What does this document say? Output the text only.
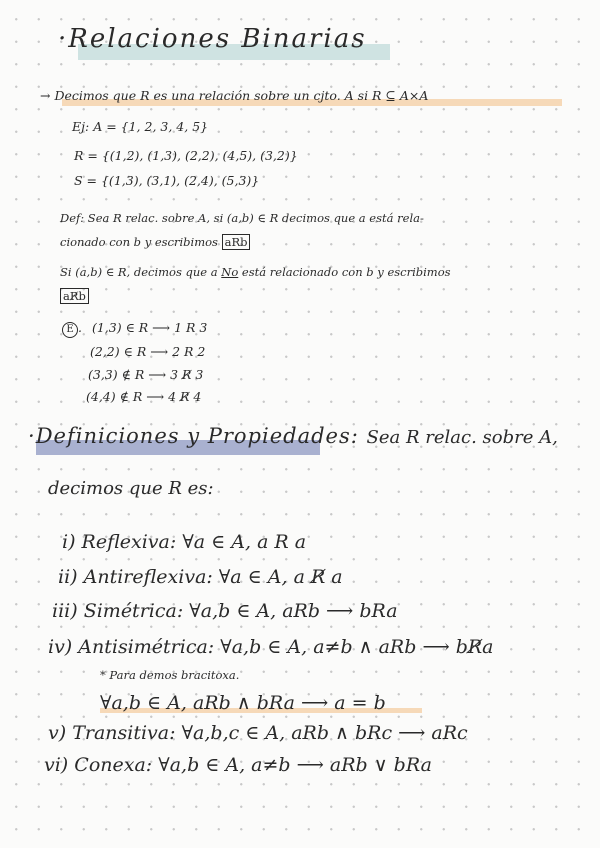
·Relaciones Binarias
→ Decimos que R es una relación sobre un cjto. A si R ⊆ A×A
Ej: A = {1, 2, 3, 4, 5}
R = {(1,2), (1,3), (2,2), (4,5), (3,2)}
S = {(1,3), (3,1), (2,4), (5,3)}
Def: Sea R relac. sobre A, si (a,b) ∈ R decimos que a está rela-
cionado con b y escribimos aRb
Si (a,b) ∈ R, decimos que a No está relacionado con b y escribimos
aR̸b
E . (1,3) ∈ R ⟶ 1 R 3
(2,2) ∈ R ⟶ 2 R 2
(3,3) ∉ R ⟶ 3 R̸ 3
(4,4) ∉ R ⟶ 4 R̸ 4
·Definiciones y Propiedades: Sea R relac. sobre A,
decimos que R es:
i) Reflexiva: ∀a ∈ A, a R a
ii) Antireflexiva: ∀a ∈ A, a R̸ a
iii) Simétrica: ∀a,b ∈ A, aRb ⟶ bRa
iv) Antisimétrica: ∀a,b ∈ A, a≠b ∧ aRb ⟶ bR̸a
* Para demos bracitoxa.
∀a,b ∈ A, aRb ∧ bRa ⟶ a = b
v) Transitiva: ∀a,b,c ∈ A, aRb ∧ bRc ⟶ aRc
vi) Conexa: ∀a,b ∈ A, a≠b ⟶ aRb ∨ bRa
